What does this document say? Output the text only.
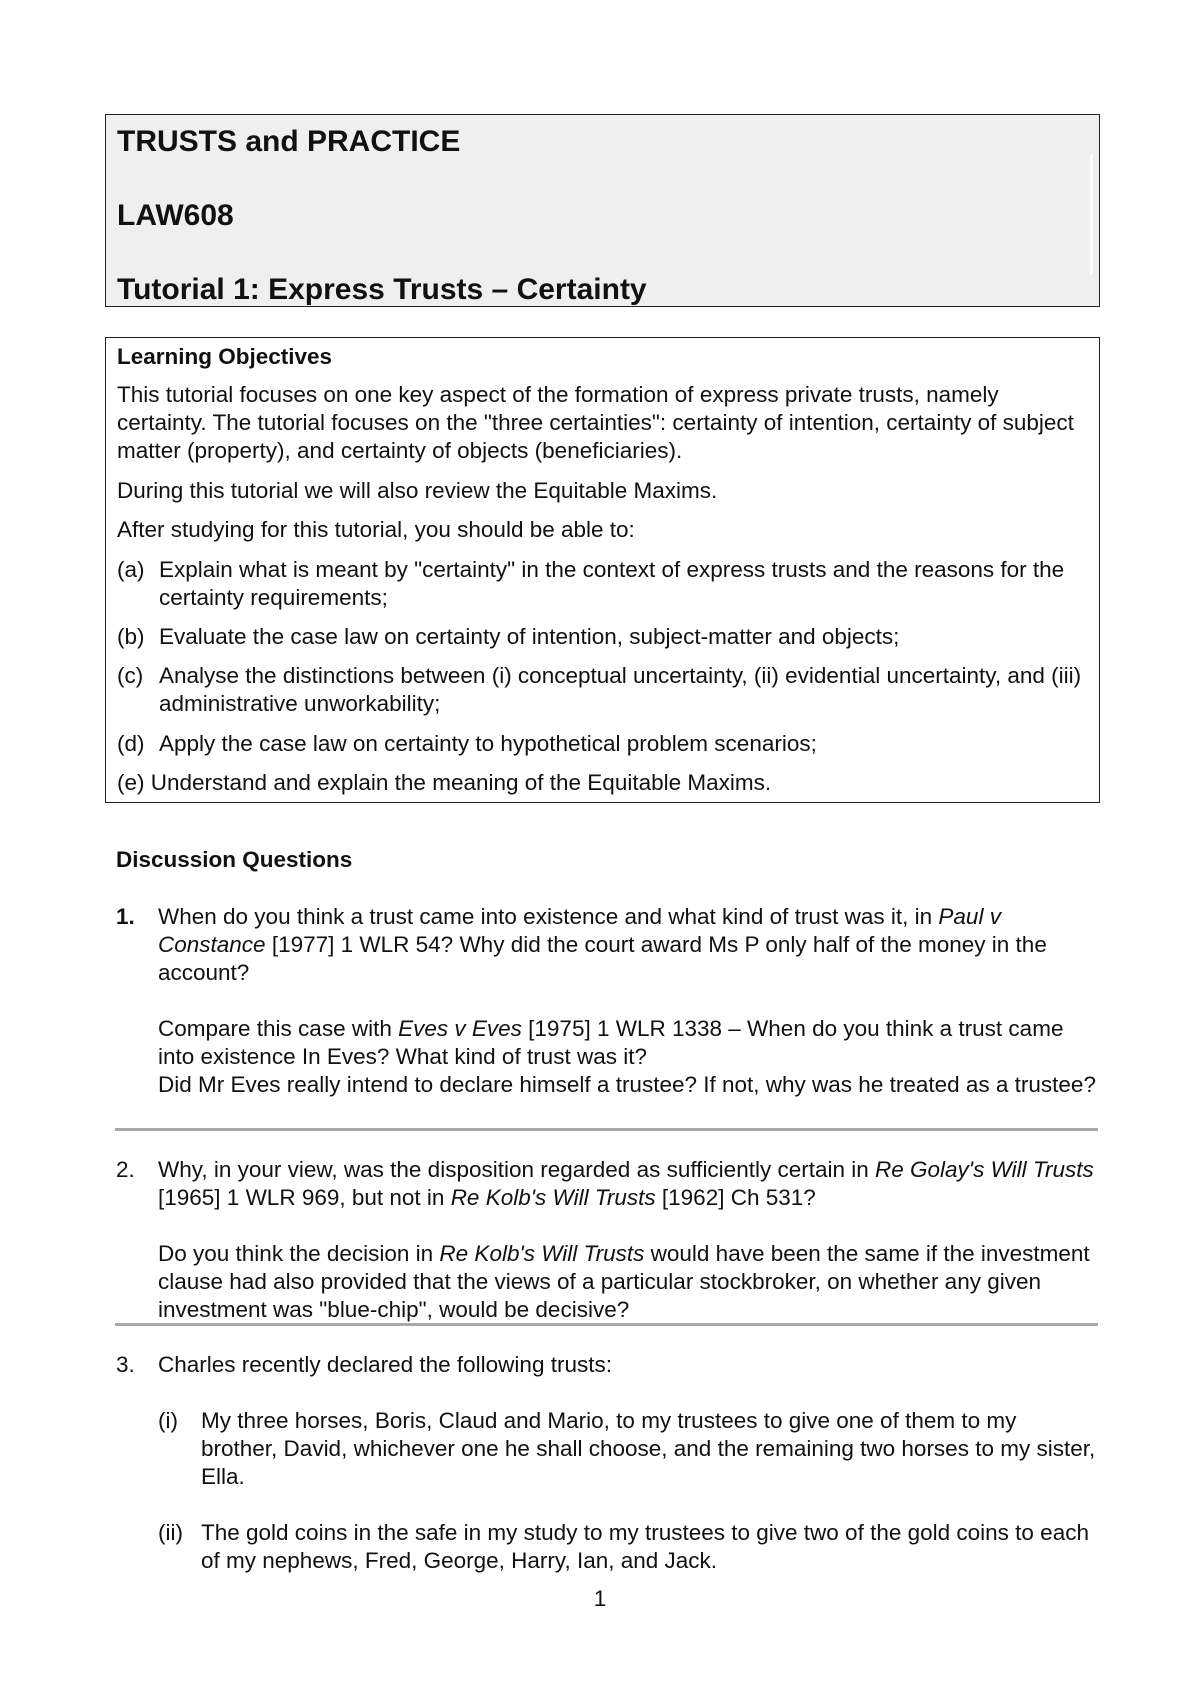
TRUSTS and PRACTICE
LAW608
Tutorial 1: Express Trusts – Certainty
Learning Objectives

This tutorial focuses on one key aspect of the formation of express private trusts, namely certainty. The tutorial focuses on the "three certainties": certainty of intention, certainty of subject matter (property), and certainty of objects (beneficiaries).

During this tutorial we will also review the Equitable Maxims.

After studying for this tutorial, you should be able to:

(a) Explain what is meant by "certainty" in the context of express trusts and the reasons for the certainty requirements;
(b) Evaluate the case law on certainty of intention, subject-matter and objects;
(c) Analyse the distinctions between (i) conceptual uncertainty, (ii) evidential uncertainty, and (iii) administrative unworkability;
(d) Apply the case law on certainty to hypothetical problem scenarios;
(e) Understand and explain the meaning of the Equitable Maxims.
Discussion Questions
1. When do you think a trust came into existence and what kind of trust was it, in Paul v Constance [1977] 1 WLR 54? Why did the court award Ms P only half of the money in the account?

Compare this case with Eves v Eves [1975] 1 WLR 1338 – When do you think a trust came into existence In Eves? What kind of trust was it?

Did Mr Eves really intend to declare himself a trustee? If not, why was he treated as a trustee?

2. Why, in your view, was the disposition regarded as sufficiently certain in Re Golay's Will Trusts [1965] 1 WLR 969, but not in Re Kolb's Will Trusts [1962] Ch 531?

Do you think the decision in Re Kolb's Will Trusts would have been the same if the investment clause had also provided that the views of a particular stockbroker, on whether any given investment was "blue-chip", would be decisive?

3. Charles recently declared the following trusts:

(i) My three horses, Boris, Claud and Mario, to my trustees to give one of them to my brother, David, whichever one he shall choose, and the remaining two horses to my sister, Ella.
(ii) The gold coins in the safe in my study to my trustees to give two of the gold coins to each of my nephews, Fred, George, Harry, Ian, and Jack.
1
